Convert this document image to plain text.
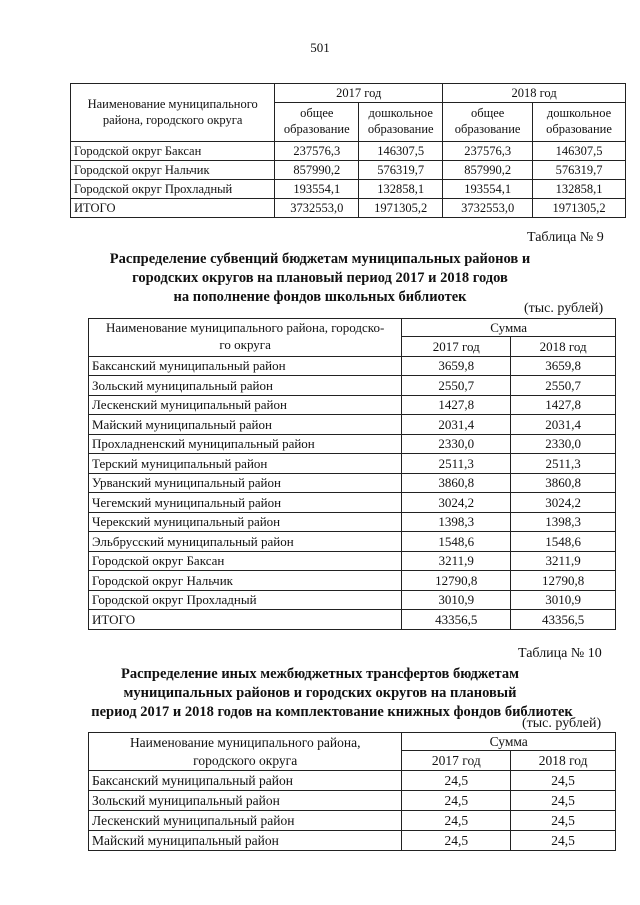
501
Наименование муниципального района, городского округа	2017 год		2018 год	
	общее образование	дошкольное образование	общее образование	дошкольное образование
Городской округ Баксан	237576,3	146307,5	237576,3	146307,5
Городской округ Нальчик	857990,2	576319,7	857990,2	576319,7
Городской округ Прохладный	193554,1	132858,1	193554,1	132858,1
ИТОГО	3732553,0	1971305,2	3732553,0	1971305,2
Таблица № 9
Распределение субвенций бюджетам муниципальных районов и
городских округов на плановый период 2017 и 2018 годов
на пополнение фондов школьных библиотек
(тыс. рублей)
Наименование муниципального района, городско-
го округа	Сумма	
	2017 год	2018 год
Баксанский муниципальный район	3659,8	3659,8
Зольский муниципальный район	2550,7	2550,7
Лескенский муниципальный район	1427,8	1427,8
Майский муниципальный район	2031,4	2031,4
Прохладненский муниципальный район	2330,0	2330,0
Терский муниципальный район	2511,3	2511,3
Урванский муниципальный район	3860,8	3860,8
Чегемский муниципальный район	3024,2	3024,2
Черекский муниципальный район	1398,3	1398,3
Эльбрусский муниципальный район	1548,6	1548,6
Городской округ Баксан	3211,9	3211,9
Городской округ Нальчик	12790,8	12790,8
Городской округ Прохладный	3010,9	3010,9
ИТОГО	43356,5	43356,5
Таблица № 10
Распределение иных межбюджетных трансфертов бюджетам
муниципальных районов и городских округов на плановый
период 2017 и 2018 годов на комплектование книжных фондов библиотек
(тыс. рублей)
Наименование муниципального района,
городского округа	Сумма	
	2017 год	2018 год
Баксанский муниципальный район	24,5	24,5
Зольский муниципальный район	24,5	24,5
Лескенский муниципальный район	24,5	24,5
Майский муниципальный район	24,5	24,5
